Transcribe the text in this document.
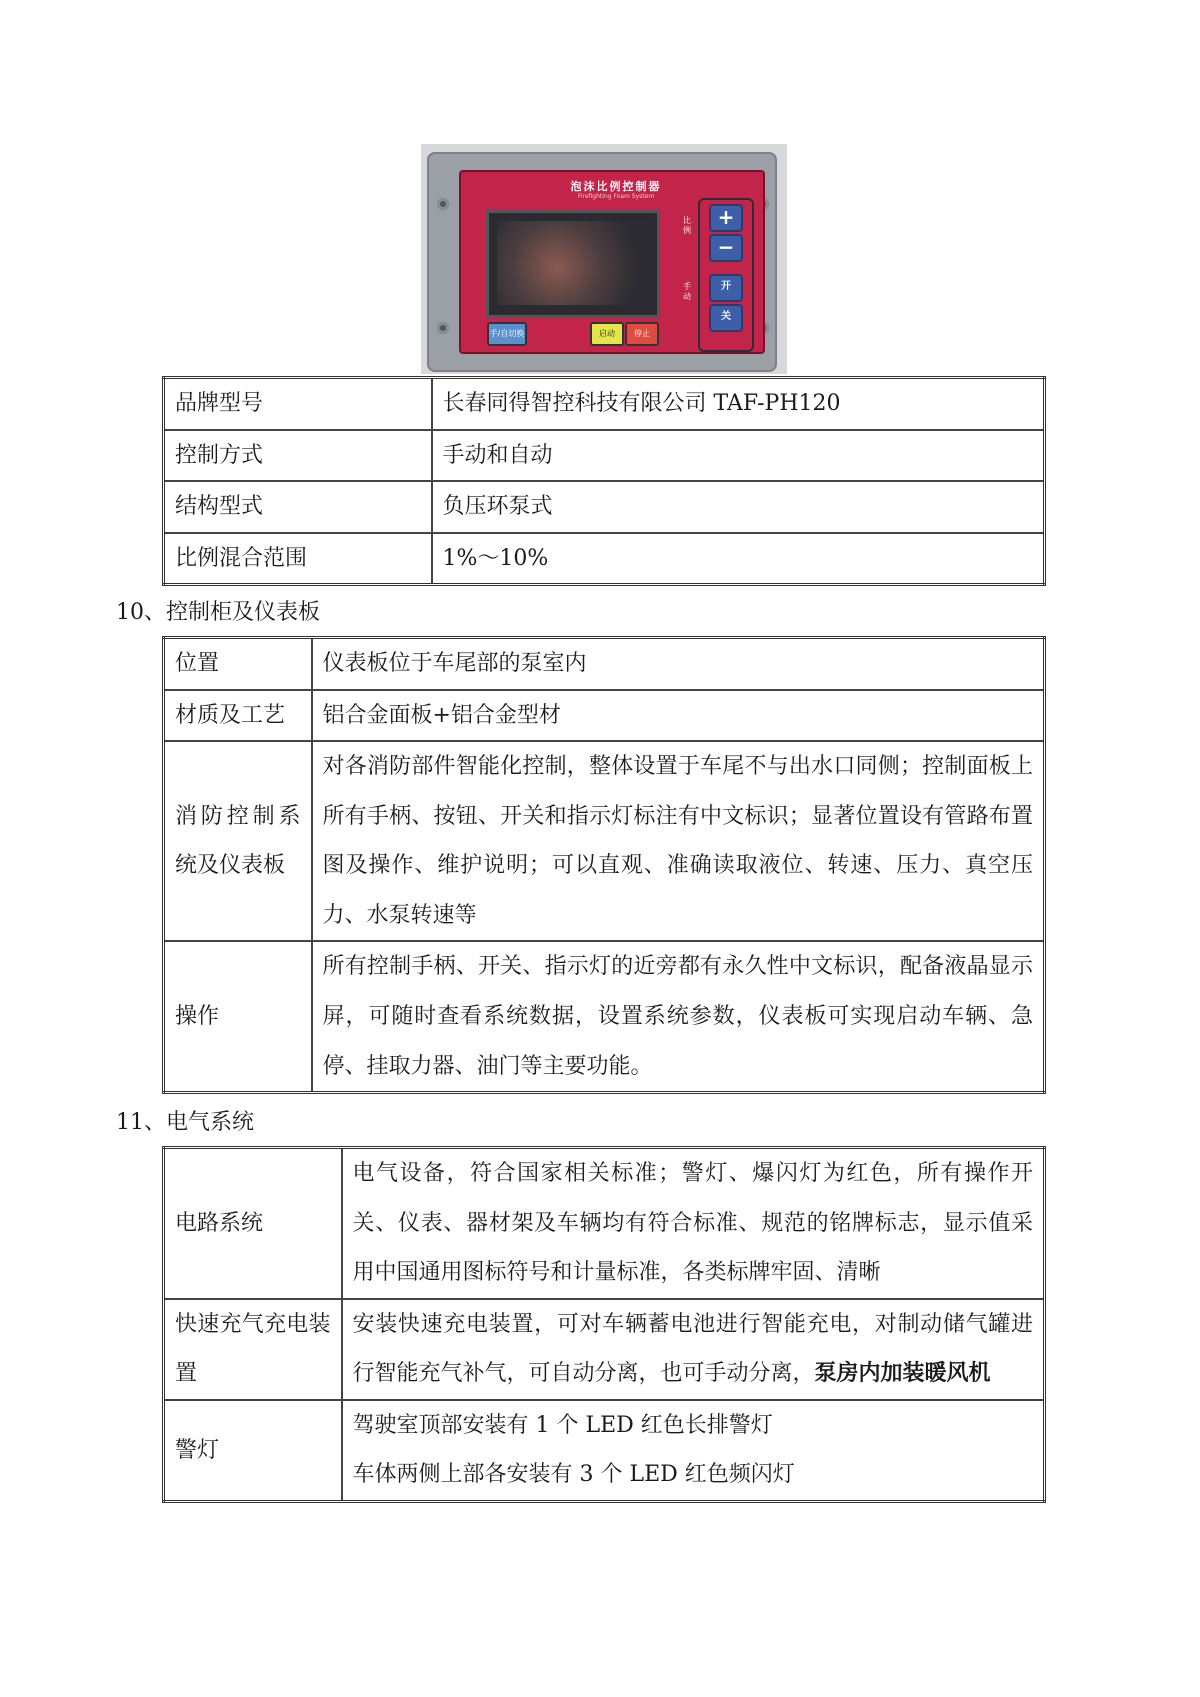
泡沫比例控制器
Firefighting Foam System
比例
手动
+
−
开
关
手/自切换	启动	停止
品牌型号	长春同得智控科技有限公司 TAF-PH120
控制方式	手动和自动
结构型式	负压环泵式
比例混合范围	1%～10%
10、控制柜及仪表板
位置	仪表板位于车尾部的泵室内
材质及工艺	铝合金面板+铝合金型材
消防控制系统及仪表板	对各消防部件智能化控制，整体设置于车尾不与出水口同侧；控制面板上所有手柄、按钮、开关和指示灯标注有中文标识；显著位置设有管路布置图及操作、维护说明；可以直观、准确读取液位、转速、压力、真空压力、水泵转速等
操作	所有控制手柄、开关、指示灯的近旁都有永久性中文标识，配备液晶显示屏，可随时查看系统数据，设置系统参数，仪表板可实现启动车辆、急停、挂取力器、油门等主要功能。
11、电气系统
电路系统	电气设备，符合国家相关标准；警灯、爆闪灯为红色，所有操作开关、仪表、器材架及车辆均有符合标准、规范的铭牌标志，显示值采用中国通用图标符号和计量标准，各类标牌牢固、清晰
快速充气充电装置	安装快速充电装置，可对车辆蓄电池进行智能充电，对制动储气罐进行智能充气补气，可自动分离，也可手动分离，泵房内加装暖风机
警灯	驾驶室顶部安装有 1 个 LED 红色长排警灯
车体两侧上部各安装有 3 个 LED 红色频闪灯
